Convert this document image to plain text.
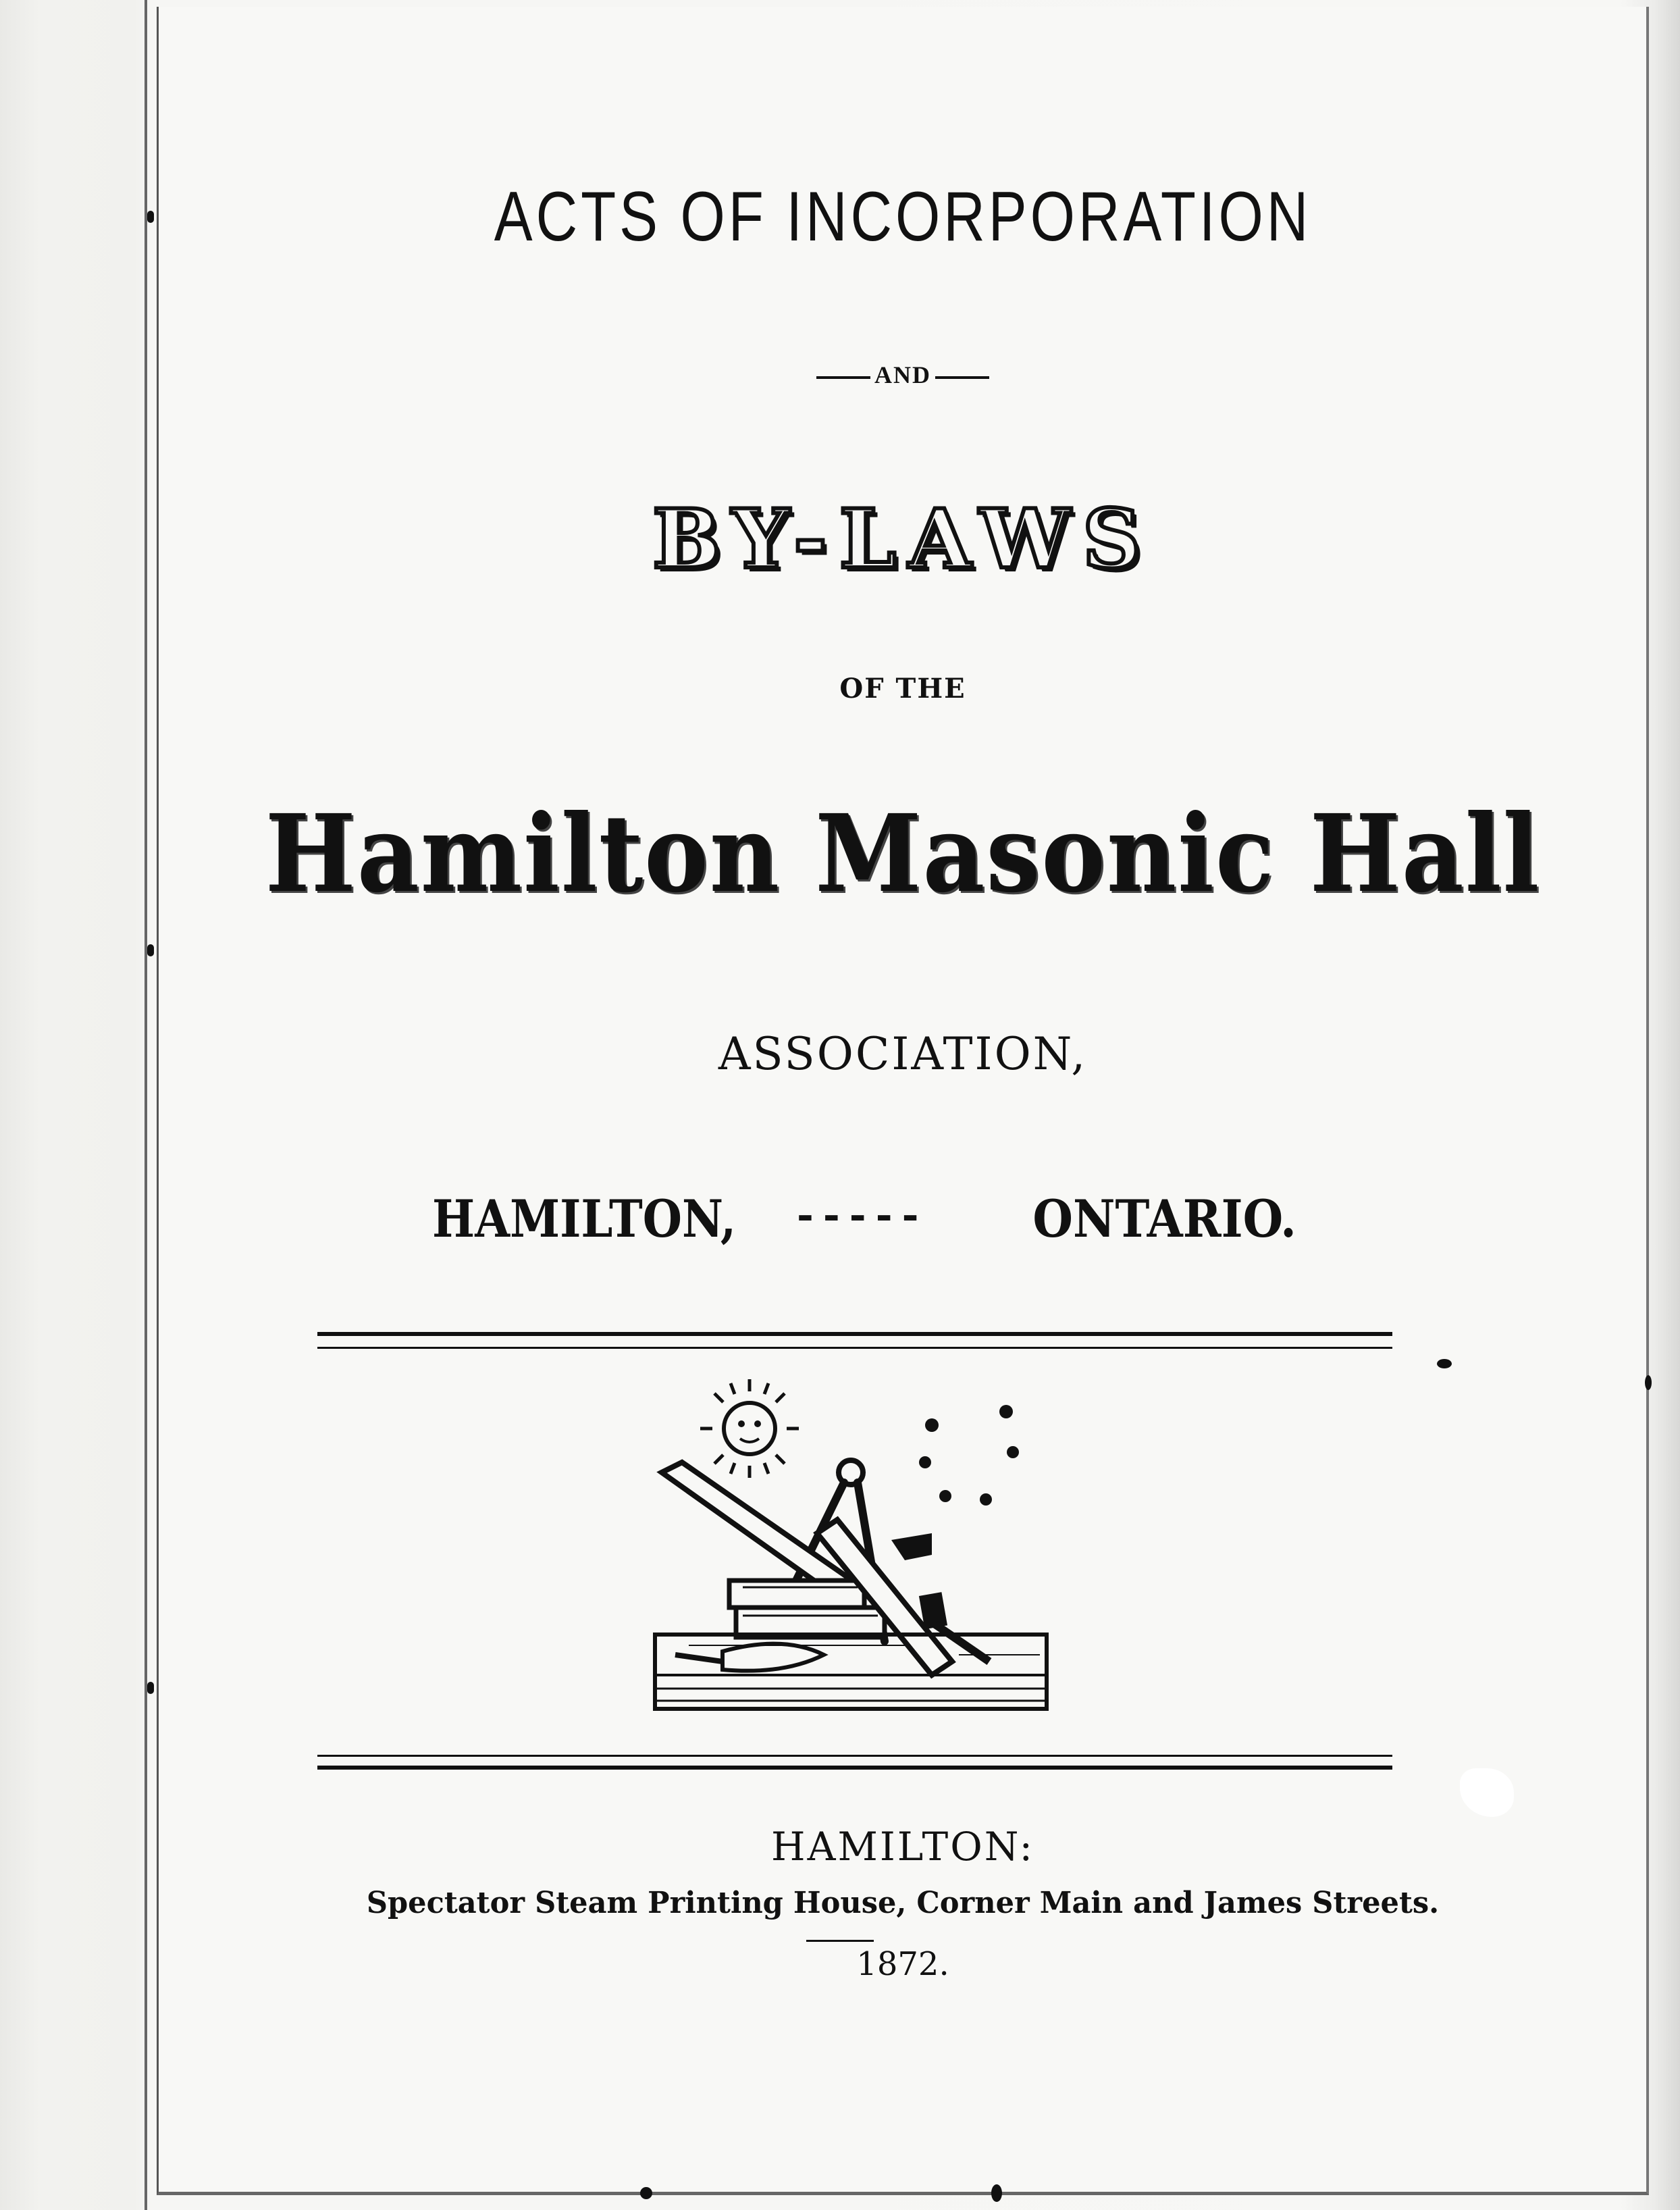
ACTS OF INCORPORATION
AND
BY-LAWS
OF THE
Hamilton Masonic Hall
ASSOCIATION,
HAMILTON, ----- ONTARIO.
HAMILTON:
Spectator Steam Printing House, Corner Main and James Streets.
1872.
